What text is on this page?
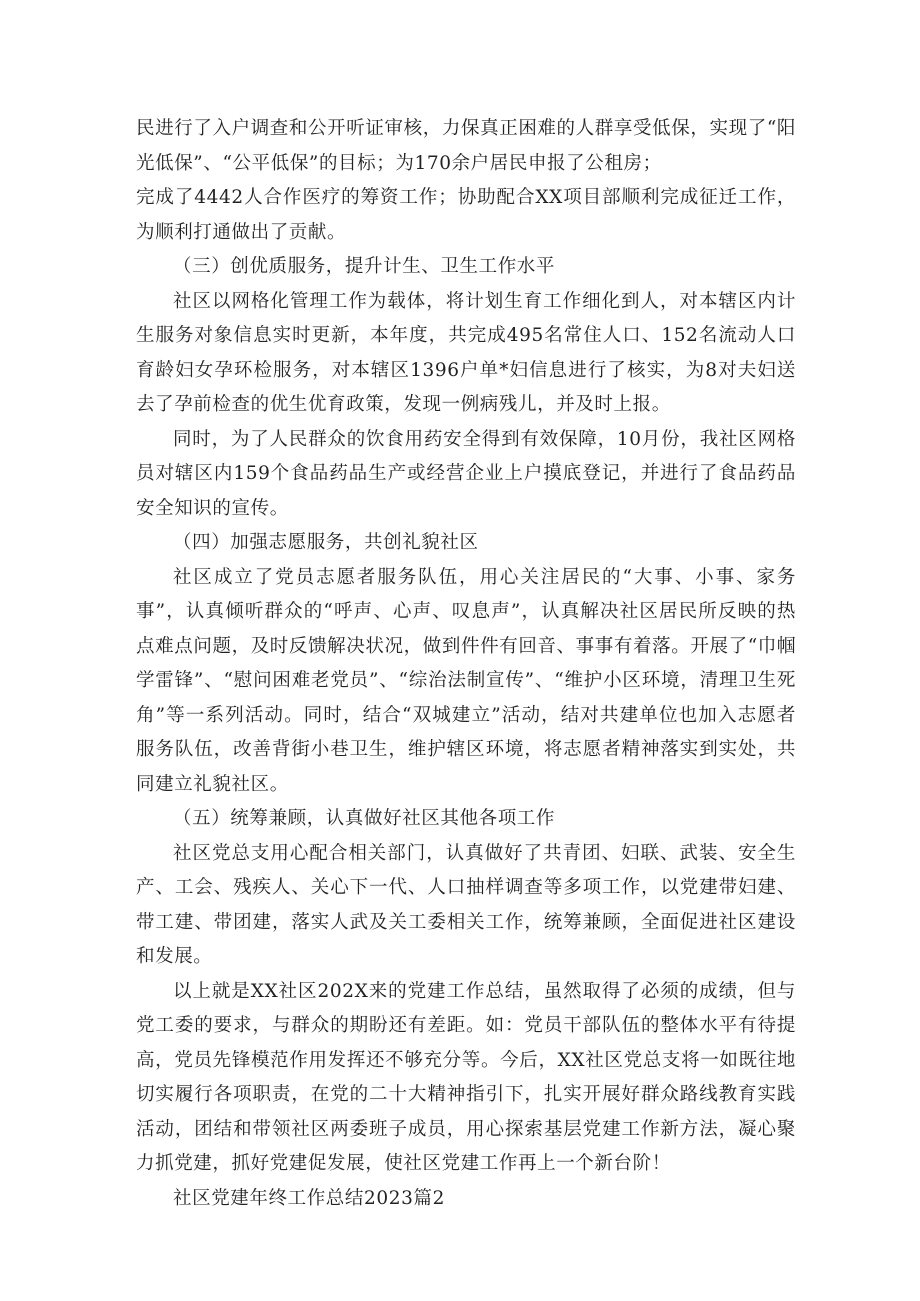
民进行了入户调查和公开听证审核，力保真正困难的人群享受低保，实现了“阳光低保”、“公平低保”的目标；为170余户居民申报了公租房；

完成了4442人合作医疗的筹资工作；协助配合XX项目部顺利完成征迁工作，为顺利打通做出了贡献。

（三）创优质服务，提升计生、卫生工作水平

社区以网格化管理工作为载体，将计划生育工作细化到人，对本辖区内计生服务对象信息实时更新，本年度，共完成495名常住人口、152名流动人口育龄妇女孕环检服务，对本辖区1396户单*妇信息进行了核实，为8对夫妇送去了孕前检查的优生优育政策，发现一例病残儿，并及时上报。

同时，为了人民群众的饮食用药安全得到有效保障，10月份，我社区网格员对辖区内159个食品药品生产或经营企业上户摸底登记，并进行了食品药品安全知识的宣传。

（四）加强志愿服务，共创礼貌社区

社区成立了党员志愿者服务队伍，用心关注居民的“大事、小事、家务事”，认真倾听群众的“呼声、心声、叹息声”，认真解决社区居民所反映的热点难点问题，及时反馈解决状况，做到件件有回音、事事有着落。开展了“巾帼学雷锋”、“慰问困难老党员”、“综治法制宣传”、“维护小区环境，清理卫生死角”等一系列活动。同时，结合“双城建立”活动，结对共建单位也加入志愿者服务队伍，改善背街小巷卫生，维护辖区环境，将志愿者精神落实到实处，共同建立礼貌社区。

（五）统筹兼顾，认真做好社区其他各项工作

社区党总支用心配合相关部门，认真做好了共青团、妇联、武装、安全生产、工会、残疾人、关心下一代、人口抽样调查等多项工作，以党建带妇建、带工建、带团建，落实人武及关工委相关工作，统筹兼顾，全面促进社区建设和发展。

以上就是XX社区202X来的党建工作总结，虽然取得了必须的成绩，但与党工委的要求，与群众的期盼还有差距。如：党员干部队伍的整体水平有待提高，党员先锋模范作用发挥还不够充分等。今后，XX社区党总支将一如既往地切实履行各项职责，在党的二十大精神指引下，扎实开展好群众路线教育实践活动，团结和带领社区两委班子成员，用心探索基层党建工作新方法，凝心聚力抓党建，抓好党建促发展，使社区党建工作再上一个新台阶！

社区党建年终工作总结2023篇2
